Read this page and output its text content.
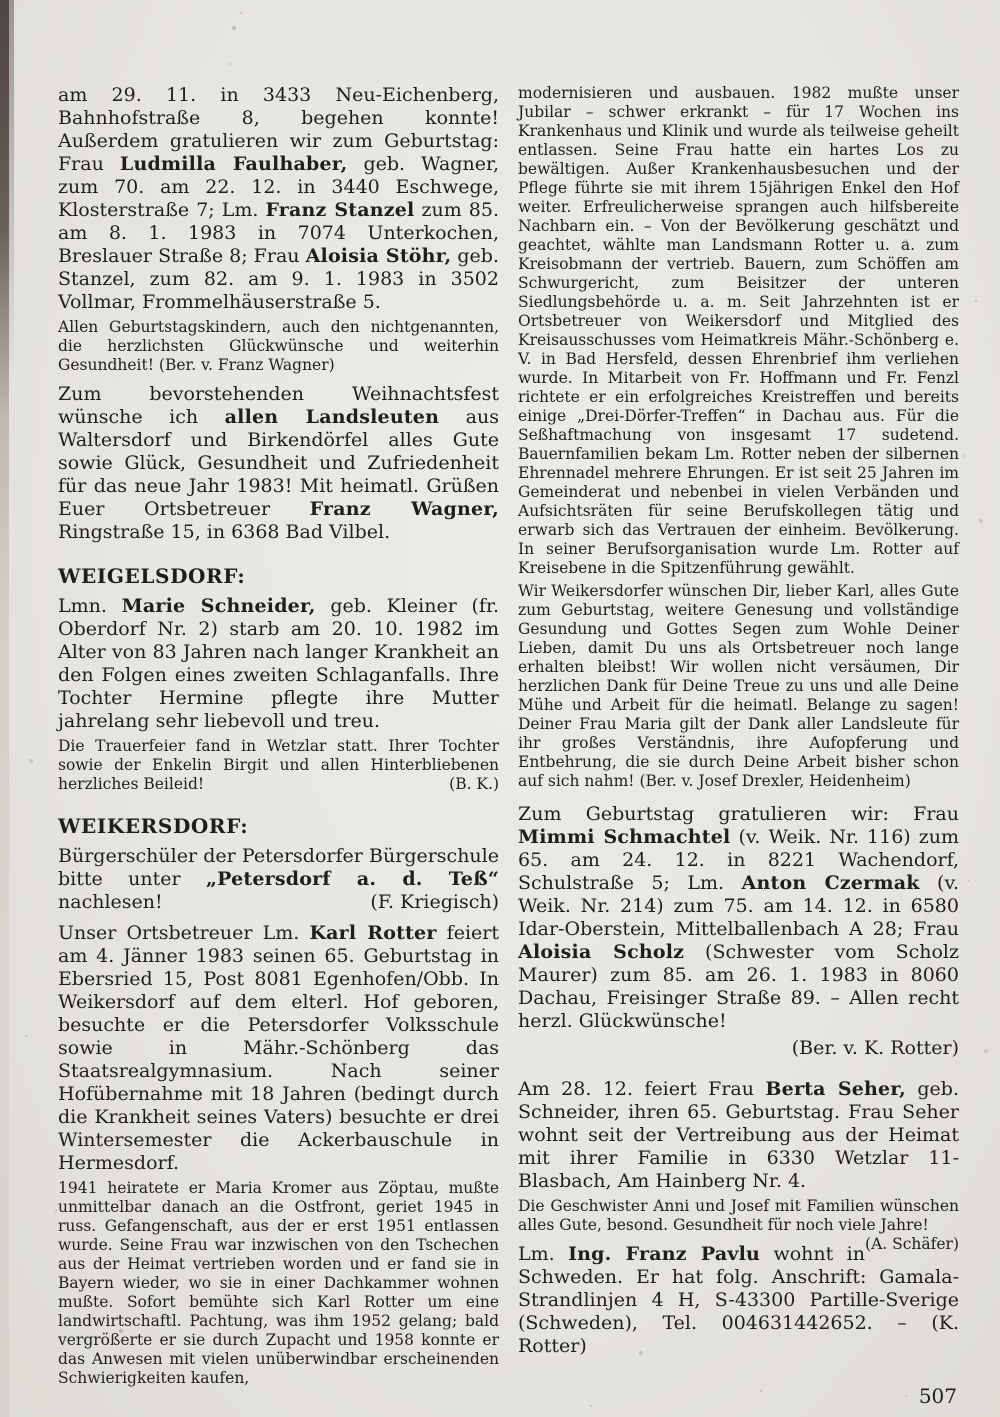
am 29. 11. in 3433 Neu-Eichenberg, Bahnhofstraße 8, begehen konnte! Außerdem gratulieren wir zum Geburtstag: Frau Ludmilla Faulhaber, geb. Wagner, zum 70. am 22. 12. in 3440 Eschwege, Klosterstraße 7; Lm. Franz Stanzel zum 85. am 8. 1. 1983 in 7074 Unterkochen, Breslauer Straße 8; Frau Aloisia Stöhr, geb. Stanzel, zum 82. am 9. 1. 1983 in 3502 Vollmar, Frommelhäuserstraße 5.

Allen Geburtstagskindern, auch den nichtgenannten, die herzlichsten Glückwünsche und weiterhin Gesundheit! (Ber. v. Franz Wagner)

Zum bevorstehenden Weihnachtsfest wünsche ich allen Landsleuten aus Waltersdorf und Birkendörfel alles Gute sowie Glück, Gesundheit und Zufriedenheit für das neue Jahr 1983! Mit heimatl. Grüßen Euer Ortsbetreuer Franz Wagner, Ringstraße 15, in 6368 Bad Vilbel.

WEIGELSDORF:

Lmn. Marie Schneider, geb. Kleiner (fr. Oberdorf Nr. 2) starb am 20. 10. 1982 im Alter von 83 Jahren nach langer Krankheit an den Folgen eines zweiten Schlaganfalls. Ihre Tochter Hermine pflegte ihre Mutter jahrelang sehr liebevoll und treu.

Die Trauerfeier fand in Wetzlar statt. Ihrer Tochter sowie der Enkelin Birgit und allen Hinterbliebenen herzliches Beileid!	(B. K.)

WEIKERSDORF:

Bürgerschüler der Petersdorfer Bürgerschule bitte unter „Petersdorf a. d. Teß“ nachlesen!	(F. Kriegisch)

Unser Ortsbetreuer Lm. Karl Rotter feiert am 4. Jänner 1983 seinen 65. Geburtstag in Ebersried 15, Post 8081 Egenhofen/Obb. In Weikersdorf auf dem elterl. Hof geboren, besuchte er die Petersdorfer Volksschule sowie in Mähr.-Schönberg das Staatsrealgymnasium. Nach seiner Hofübernahme mit 18 Jahren (bedingt durch die Krankheit seines Vaters) besuchte er drei Wintersemester die Ackerbauschule in Hermesdorf.

1941 heiratete er Maria Kromer aus Zöptau, mußte unmittelbar danach an die Ostfront, geriet 1945 in russ. Gefangenschaft, aus der er erst 1951 entlassen wurde. Seine Frau war inzwischen von den Tschechen aus der Heimat vertrieben worden und er fand sie in Bayern wieder, wo sie in einer Dachkammer wohnen mußte. Sofort bemühte sich Karl Rotter um eine landwirtschaftl. Pachtung, was ihm 1952 gelang; bald vergrößerte er sie durch Zupacht und 1958 konnte er das Anwesen mit vielen unüberwindbar erscheinenden Schwierigkeiten kaufen,

modernisieren und ausbauen. 1982 mußte unser Jubilar – schwer erkrankt – für 17 Wochen ins Krankenhaus und Klinik und wurde als teilweise geheilt entlassen. Seine Frau hatte ein hartes Los zu bewältigen. Außer Krankenhausbesuchen und der Pflege führte sie mit ihrem 15jährigen Enkel den Hof weiter. Erfreulicherweise sprangen auch hilfsbereite Nachbarn ein. – Von der Bevölkerung geschätzt und geachtet, wählte man Landsmann Rotter u. a. zum Kreisobmann der vertrieb. Bauern, zum Schöffen am Schwurgericht, zum Beisitzer der unteren Siedlungsbehörde u. a. m. Seit Jahrzehnten ist er Ortsbetreuer von Weikersdorf und Mitglied des Kreisausschusses vom Heimatkreis Mähr.-Schönberg e. V. in Bad Hersfeld, dessen Ehrenbrief ihm verliehen wurde. In Mitarbeit von Fr. Hoffmann und Fr. Fenzl richtete er ein erfolgreiches Kreistreffen und bereits einige „Drei-Dörfer-Treffen“ in Dachau aus. Für die Seßhaftmachung von insgesamt 17 sudetend. Bauernfamilien bekam Lm. Rotter neben der silbernen Ehrennadel mehrere Ehrungen. Er ist seit 25 Jahren im Gemeinderat und nebenbei in vielen Verbänden und Aufsichtsräten für seine Berufskollegen tätig und erwarb sich das Vertrauen der einheim. Bevölkerung. In seiner Berufsorganisation wurde Lm. Rotter auf Kreisebene in die Spitzenführung gewählt.

Wir Weikersdorfer wünschen Dir, lieber Karl, alles Gute zum Geburtstag, weitere Genesung und vollständige Gesundung und Gottes Segen zum Wohle Deiner Lieben, damit Du uns als Ortsbetreuer noch lange erhalten bleibst! Wir wollen nicht versäumen, Dir herzlichen Dank für Deine Treue zu uns und alle Deine Mühe und Arbeit für die heimatl. Belange zu sagen! Deiner Frau Maria gilt der Dank aller Landsleute für ihr großes Verständnis, ihre Aufopferung und Entbehrung, die sie durch Deine Arbeit bisher schon auf sich nahm! (Ber. v. Josef Drexler, Heidenheim)

Zum Geburtstag gratulieren wir: Frau Mimmi Schmachtel (v. Weik. Nr. 116) zum 65. am 24. 12. in 8221 Wachendorf, Schulstraße 5; Lm. Anton Czermak (v. Weik. Nr. 214) zum 75. am 14. 12. in 6580 Idar-Oberstein, Mittelballenbach A 28; Frau Aloisia Scholz (Schwester vom Scholz Maurer) zum 85. am 26. 1. 1983 in 8060 Dachau, Freisinger Straße 89. – Allen recht herzl. Glückwünsche!

(Ber. v. K. Rotter)

Am 28. 12. feiert Frau Berta Seher, geb. Schneider, ihren 65. Geburtstag. Frau Seher wohnt seit der Vertreibung aus der Heimat mit ihrer Familie in 6330 Wetzlar 11-Blasbach, Am Hainberg Nr. 4.

Die Geschwister Anni und Josef mit Familien wünschen alles Gute, besond. Gesundheit für noch viele Jahre!
(A. Schäfer)

Lm. Ing. Franz Pavlu wohnt in Schweden. Er hat folg. Anschrift: Gamala-Strandlinjen 4 H, S-43300 Partille-Sverige (Schweden), Tel. 004631442652. – (K. Rotter)

507
